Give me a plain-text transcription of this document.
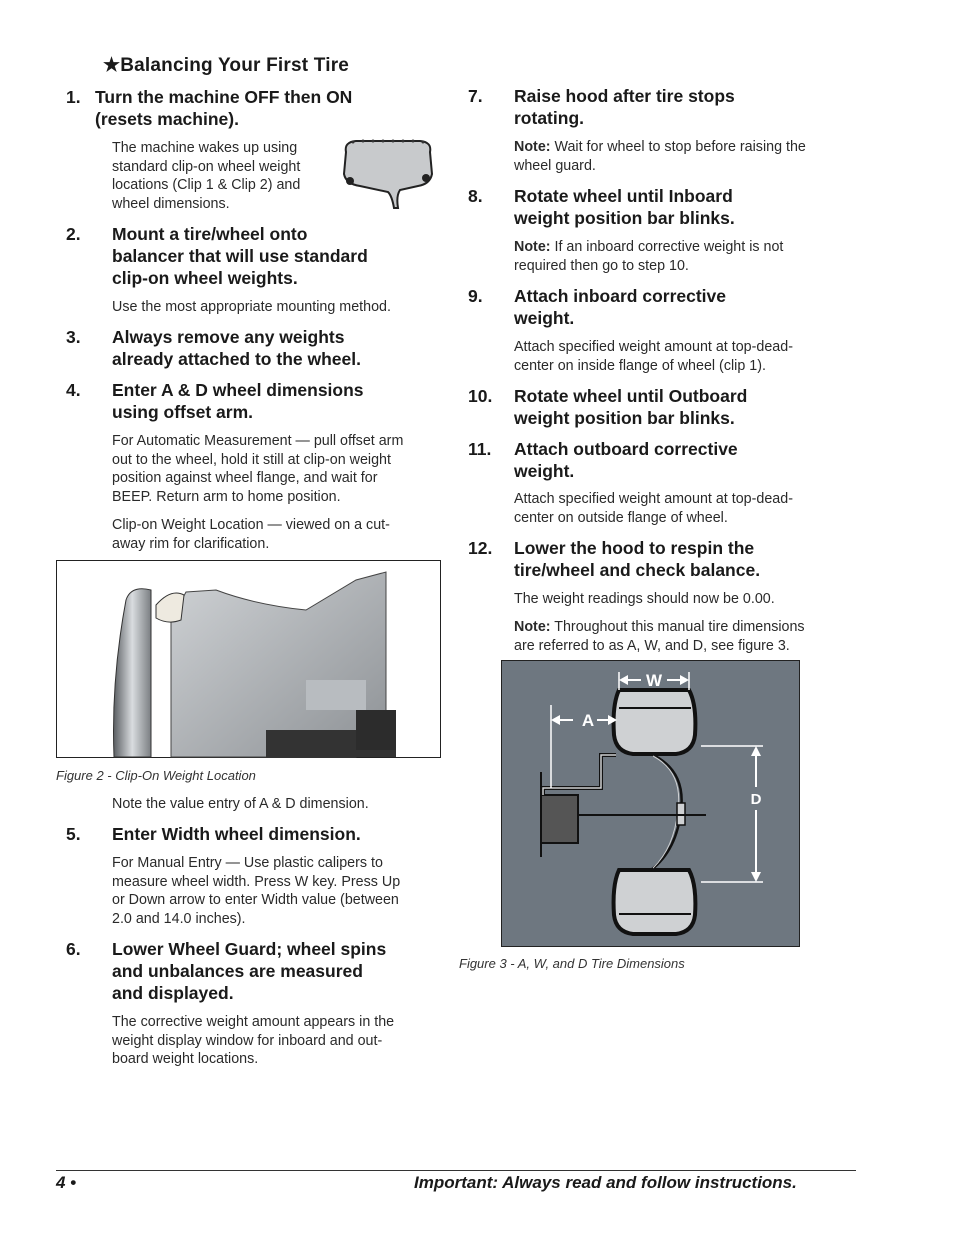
★Balancing Your First Tire
1. Turn the machine OFF then ON
(resets machine).
The machine wakes up using
standard clip-on wheel weight
locations (Clip 1 & Clip 2) and
wheel dimensions.
2. Mount a tire/wheel onto
balancer that will use standard
clip-on wheel weights.
Use the most appropriate mounting method.
3. Always remove any weights
already attached to the wheel.
4. Enter A & D wheel dimensions
using offset arm.
For Automatic Measurement — pull offset arm
out to the wheel, hold it still at clip-on weight
position against wheel flange, and wait for
BEEP. Return arm to home position.
Clip-on Weight Location — viewed on a cut-
away rim for clarification.
Figure 2 - Clip-On Weight Location
Note the value entry of A & D dimension.
5. Enter Width wheel dimension.
For Manual Entry — Use plastic calipers to
measure wheel width. Press W key. Press Up
or Down arrow to enter Width value (between
2.0 and 14.0 inches).
6. Lower Wheel Guard; wheel spins
and unbalances are measured
and displayed.
The corrective weight amount appears in the
weight display window for inboard and out-
board weight locations.
7. Raise hood after tire stops
rotating.
Note: Wait for wheel to stop before raising the
wheel guard.
8. Rotate wheel until Inboard
weight position bar blinks.
Note: If an inboard corrective weight is not
required then go to step 10.
9. Attach inboard corrective
weight.
Attach specified weight amount at top-dead-
center on inside flange of wheel (clip 1).
10. Rotate wheel until Outboard
weight position bar blinks.
11. Attach outboard corrective
weight.
Attach specified weight amount at top-dead-
center on outside flange of wheel.
12. Lower the hood to respin the
tire/wheel and check balance.
The weight readings should now be 0.00.
Note: Throughout this manual tire dimensions
are referred to as A, W, and D, see figure 3.
W
A
D
Figure 3 - A, W, and D Tire Dimensions
4 •	Important: Always read and follow instructions.
